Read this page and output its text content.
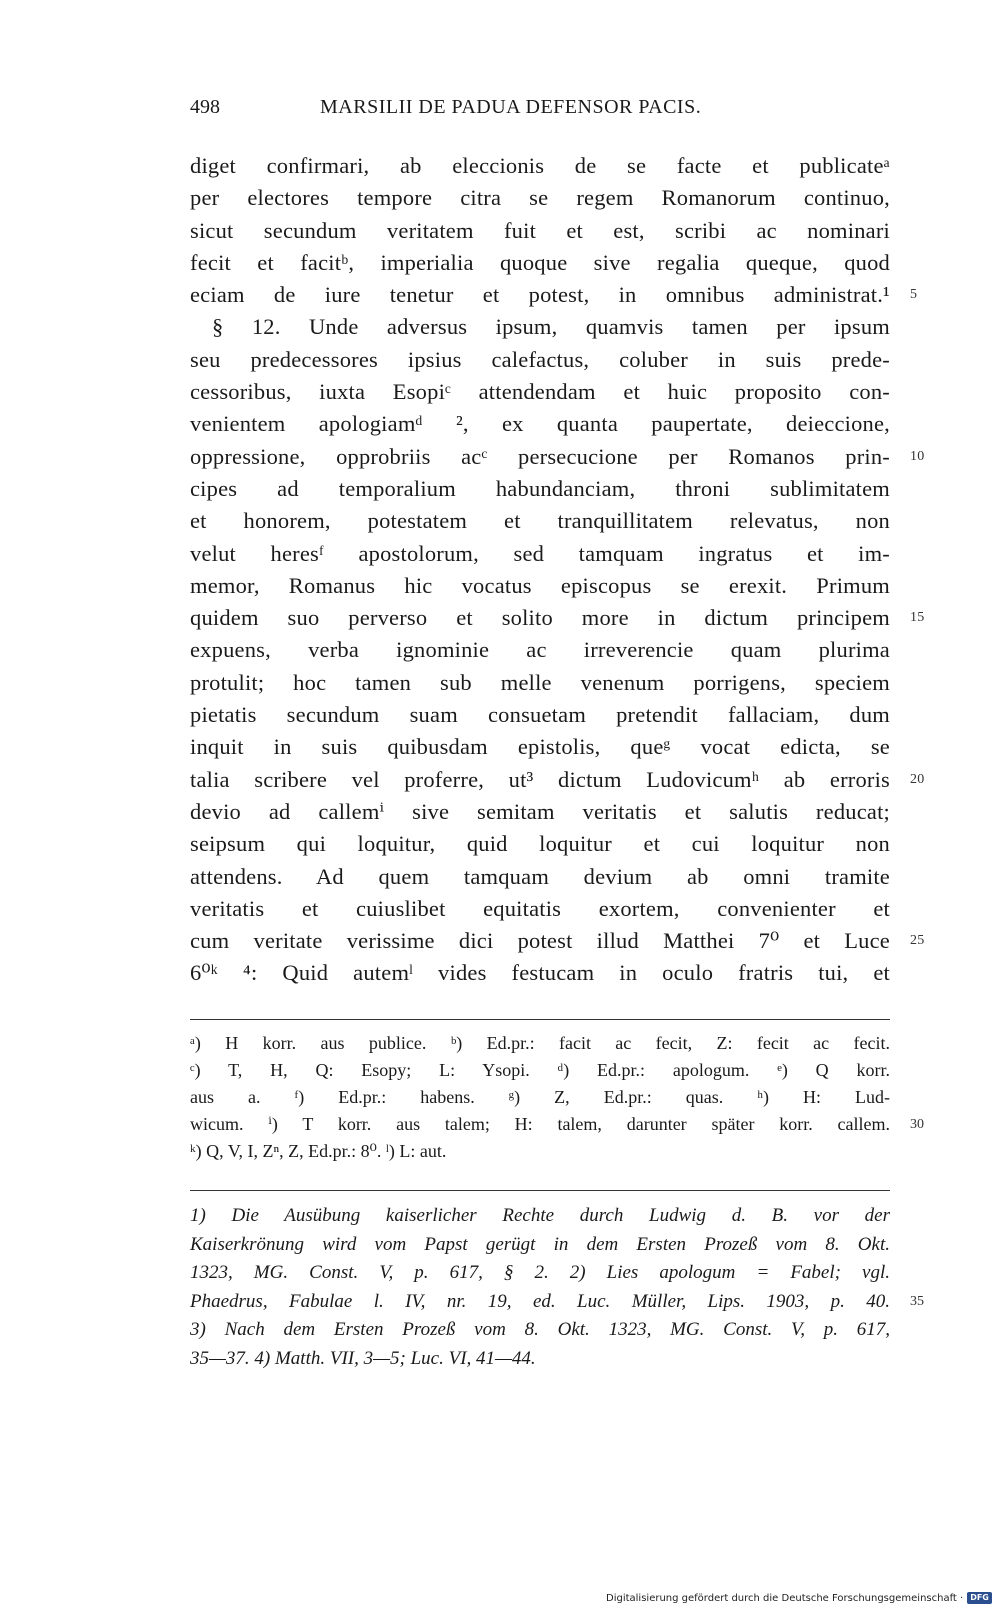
498	MARSILII DE PADUA DEFENSOR PACIS.
diget confirmari, ab eleccionis de se facte et publicateᵃ
per electores tempore citra se regem Romanorum continuo,
sicut secundum veritatem fuit et est, scribi ac nominari
fecit et facitᵇ, imperialia quoque sive regalia queque, quod
eciam de iure tenetur et potest, in omnibus administrat.¹ 5
§ 12. Unde adversus ipsum, quamvis tamen per ipsum
seu predecessores ipsius calefactus, coluber in suis prede-
cessoribus, iuxta Esopiᶜ attendendam et huic proposito con-
venientem apologiamᵈ ², ex quanta paupertate, deieccione,
oppressione, opprobriis acᶜ persecucione per Romanos prin- 10
cipes ad temporalium habundanciam, throni sublimitatem
et honorem, potestatem et tranquillitatem relevatus, non
velut heresᶠ apostolorum, sed tamquam ingratus et im-
memor, Romanus hic vocatus episcopus se erexit. Primum
quidem suo perverso et solito more in dictum principem 15
expuens, verba ignominie ac irreverencie quam plurima
protulit; hoc tamen sub melle venenum porrigens, speciem
pietatis secundum suam consuetam pretendit fallaciam, dum
inquit in suis quibusdam epistolis, queᵍ vocat edicta, se
talia scribere vel proferre, ut³ dictum Ludovicumʰ ab erroris 20
devio ad callemⁱ sive semitam veritatis et salutis reducat;
seipsum qui loquitur, quid loquitur et cui loquitur non
attendens. Ad quem tamquam devium ab omni tramite
veritatis et cuiuslibet equitatis exortem, convenienter et
cum veritate verissime dici potest illud Matthei 7⁰ et Luce 25
6⁰ᵏ ⁴: Quid autemˡ vides festucam in oculo fratris tui, et
ᵃ) H korr. aus publice. ᵇ) Ed.pr.: facit ac fecit, Z: fecit ac fecit.
ᶜ) T, H, Q: Esopy; L: Ysopi. ᵈ) Ed.pr.: apologum. ᵉ) Q korr.
aus a. ᶠ) Ed.pr.: habens. ᵍ) Z, Ed.pr.: quas. ʰ) H: Lud-
wicum. ⁱ) T korr. aus talem; H: talem, darunter später korr. callem. 30
ᵏ) Q, V, I, Zⁿ, Z, Ed.pr.: 8⁰. ˡ) L: aut.
1) Die Ausübung kaiserlicher Rechte durch Ludwig d. B. vor der
Kaiserkrönung wird vom Papst gerügt in dem Ersten Prozeß vom 8. Okt.
1323, MG. Const. V, p. 617, § 2. 2) Lies apologum = Fabel; vgl.
Phaedrus, Fabulae l. IV, nr. 19, ed. Luc. Müller, Lips. 1903, p. 40. 35
3) Nach dem Ersten Prozeß vom 8. Okt. 1323, MG. Const. V, p. 617,
35—37. 4) Matth. VII, 3—5; Luc. VI, 41—44.
Digitalisierung gefördert durch die Deutsche Forschungsgemeinschaft · DFG
